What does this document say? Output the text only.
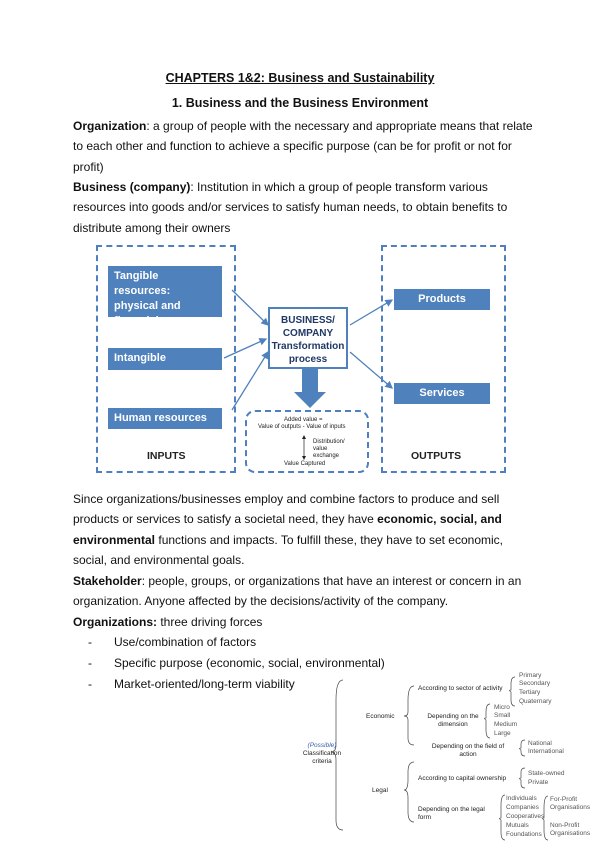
CHAPTERS 1&2: Business and Sustainability
1. Business and the Business Environment
Organization: a group of people with the necessary and appropriate means that relate to each other and function to achieve a specific purpose (can be for profit or not for profit)
Business (company): Institution in which a group of people transform various resources into goods and/or services to satisfy human needs, to obtain benefits to distribute among their owners
Tangible resources: physical and financial
Intangible resources
Human resources
INPUTS
BUSINESS/ COMPANY Transformation process
Products
Services
OUTPUTS
Added value =
Value of outputs - Value of inputs
Distribution/ value exchange
Value Captured
Since organizations/businesses employ and combine factors to produce and sell products or services to satisfy a societal need, they have economic, social, and environmental functions and impacts. To fulfill these, they have to set economic, social, and environmental goals.
Stakeholder: people, groups, or organizations that have an interest or concern in an organization. Anyone affected by the decisions/activity of the company.
Organizations: three driving forces
-	Use/combination of factors
-	Specific purpose (economic, social, environmental)
-	Market-oriented/long-term viability
(Possible)
Classification criteria
Economic
Legal
According to sector of activity
Depending on the dimension
Depending on the field of action
According to capital ownership
Depending on the legal form
Primary
Secondary
Tertiary
Quaternary
Micro
Small
Medium
Large
National
International
State-owned
Private
Individuals
Companies
Cooperatives
Mutuals
Foundations
For-Profit Organisations
Non-Profit Organisations
